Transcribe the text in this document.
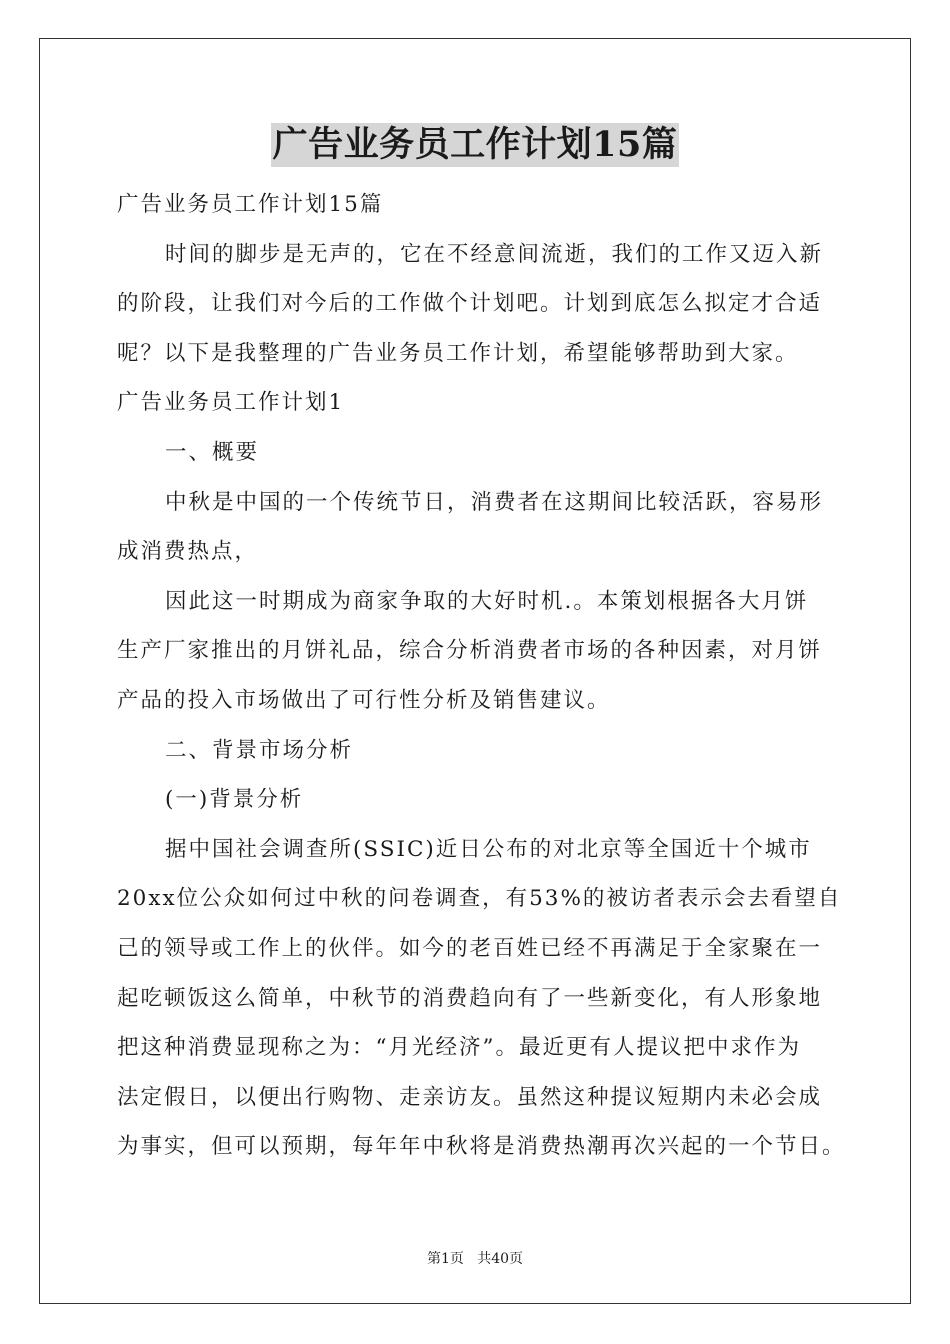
广告业务员工作计划15篇
广告业务员工作计划15篇
时间的脚步是无声的，它在不经意间流逝，我们的工作又迈入新
的阶段，让我们对今后的工作做个计划吧。计划到底怎么拟定才合适
呢？以下是我整理的广告业务员工作计划，希望能够帮助到大家。
广告业务员工作计划1
一、概要
中秋是中国的一个传统节日，消费者在这期间比较活跃，容易形
成消费热点，
因此这一时期成为商家争取的大好时机.。本策划根据各大月饼
生产厂家推出的月饼礼品，综合分析消费者市场的各种因素，对月饼
产品的投入市场做出了可行性分析及销售建议。
二、背景市场分析
(一)背景分析
据中国社会调查所(SSIC)近日公布的对北京等全国近十个城市
20xx位公众如何过中秋的问卷调查，有53%的被访者表示会去看望自
己的领导或工作上的伙伴。如今的老百姓已经不再满足于全家聚在一
起吃顿饭这么简单，中秋节的消费趋向有了一些新变化，有人形象地
把这种消费显现称之为：“月光经济”。最近更有人提议把中求作为
法定假日，以便出行购物、走亲访友。虽然这种提议短期内未必会成
为事实，但可以预期，每年年中秋将是消费热潮再次兴起的一个节日。
第1页   共40页
